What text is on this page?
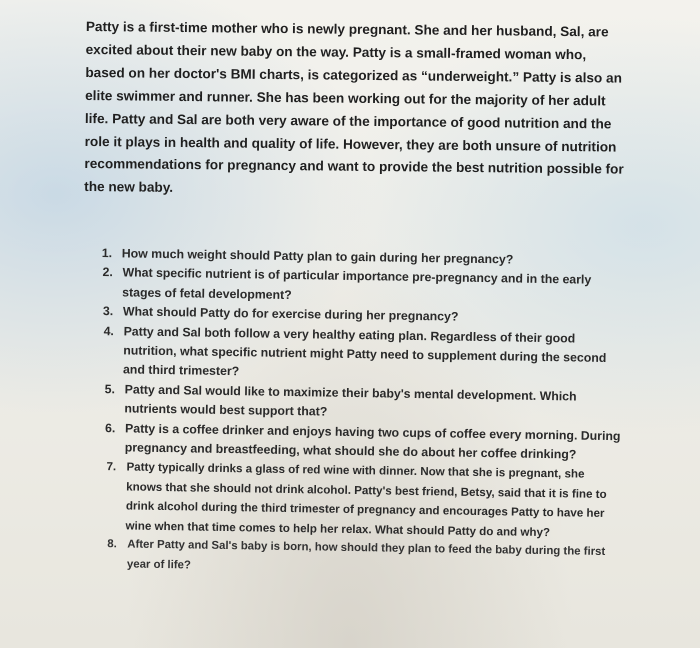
Patty is a first-time mother who is newly pregnant. She and her husband, Sal, are excited about their new baby on the way. Patty is a small-framed woman who, based on her doctor's BMI charts, is categorized as “underweight.” Patty is also an elite swimmer and runner. She has been working out for the majority of her adult life. Patty and Sal are both very aware of the importance of good nutrition and the role it plays in health and quality of life. However, they are both unsure of nutrition recommendations for pregnancy and want to provide the best nutrition possible for the new baby.

1. How much weight should Patty plan to gain during her pregnancy?
2. What specific nutrient is of particular importance pre-pregnancy and in the early stages of fetal development?
3. What should Patty do for exercise during her pregnancy?
4. Patty and Sal both follow a very healthy eating plan. Regardless of their good nutrition, what specific nutrient might Patty need to supplement during the second and third trimester?
5. Patty and Sal would like to maximize their baby's mental development. Which nutrients would best support that?
6. Patty is a coffee drinker and enjoys having two cups of coffee every morning. During pregnancy and breastfeeding, what should she do about her coffee drinking?
7. Patty typically drinks a glass of red wine with dinner. Now that she is pregnant, she knows that she should not drink alcohol. Patty's best friend, Betsy, said that it is fine to drink alcohol during the third trimester of pregnancy and encourages Patty to have her wine when that time comes to help her relax. What should Patty do and why?
8. After Patty and Sal's baby is born, how should they plan to feed the baby during the first year of life?
